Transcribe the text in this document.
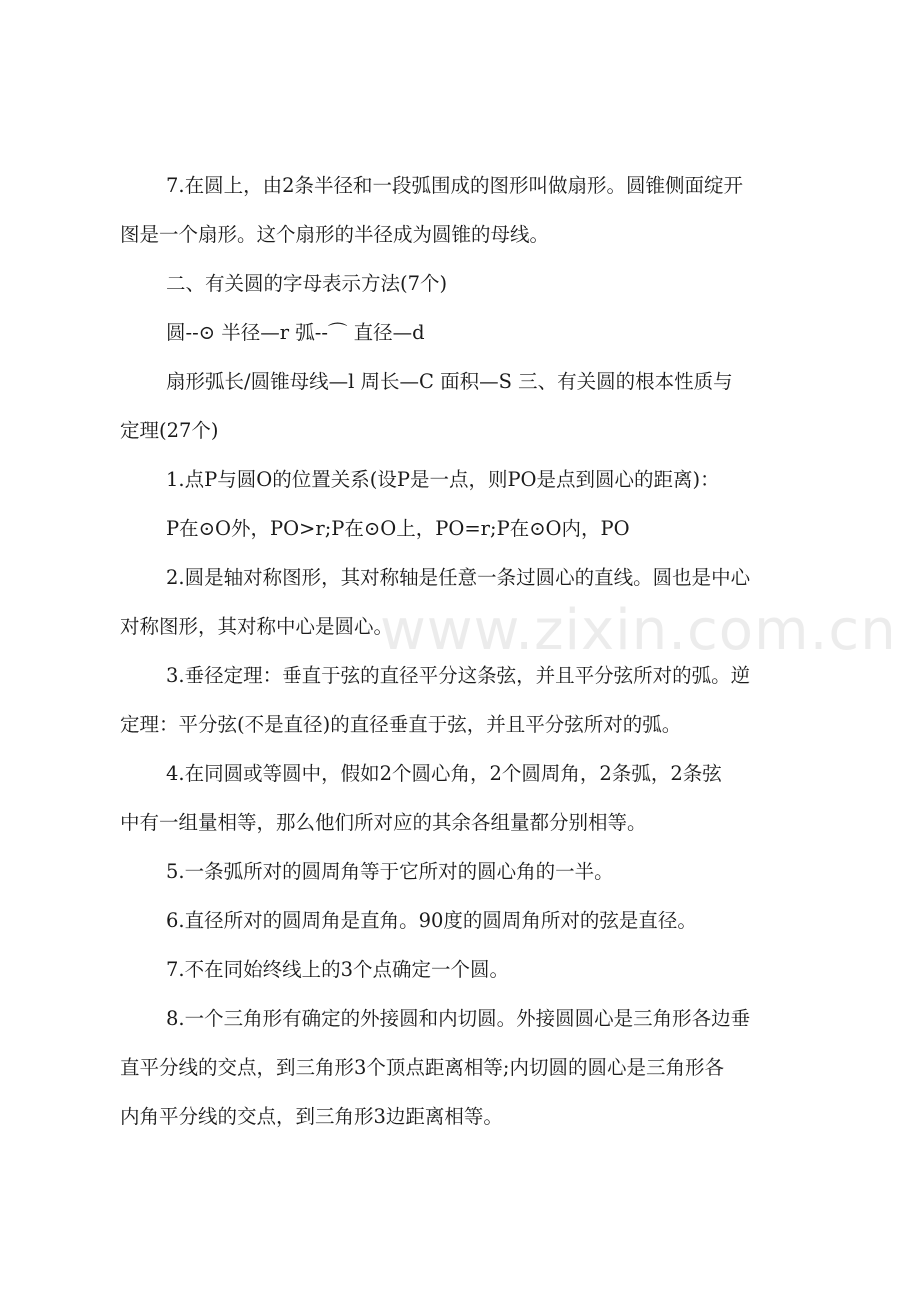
www.zixin.com.cn
7.在圆上，由2条半径和一段弧围成的图形叫做扇形。圆锥侧面绽开
图是一个扇形。这个扇形的半径成为圆锥的母线。
二、有关圆的字母表示方法(7个)
圆--⊙ 半径—r 弧--⌒ 直径—d
扇形弧长/圆锥母线—l 周长—C 面积—S 三、有关圆的根本性质与
定理(27个)
1.点P与圆O的位置关系(设P是一点，则PO是点到圆心的距离)：
P在⊙O外，PO>r;P在⊙O上，PO=r;P在⊙O内，PO
2.圆是轴对称图形，其对称轴是任意一条过圆心的直线。圆也是中心
对称图形，其对称中心是圆心。
3.垂径定理：垂直于弦的直径平分这条弦，并且平分弦所对的弧。逆
定理：平分弦(不是直径)的直径垂直于弦，并且平分弦所对的弧。
4.在同圆或等圆中，假如2个圆心角，2个圆周角，2条弧，2条弦
中有一组量相等，那么他们所对应的其余各组量都分别相等。
5.一条弧所对的圆周角等于它所对的圆心角的一半。
6.直径所对的圆周角是直角。90度的圆周角所对的弦是直径。
7.不在同始终线上的3个点确定一个圆。
8.一个三角形有确定的外接圆和内切圆。外接圆圆心是三角形各边垂
直平分线的交点，到三角形3个顶点距离相等;内切圆的圆心是三角形各
内角平分线的交点，到三角形3边距离相等。
